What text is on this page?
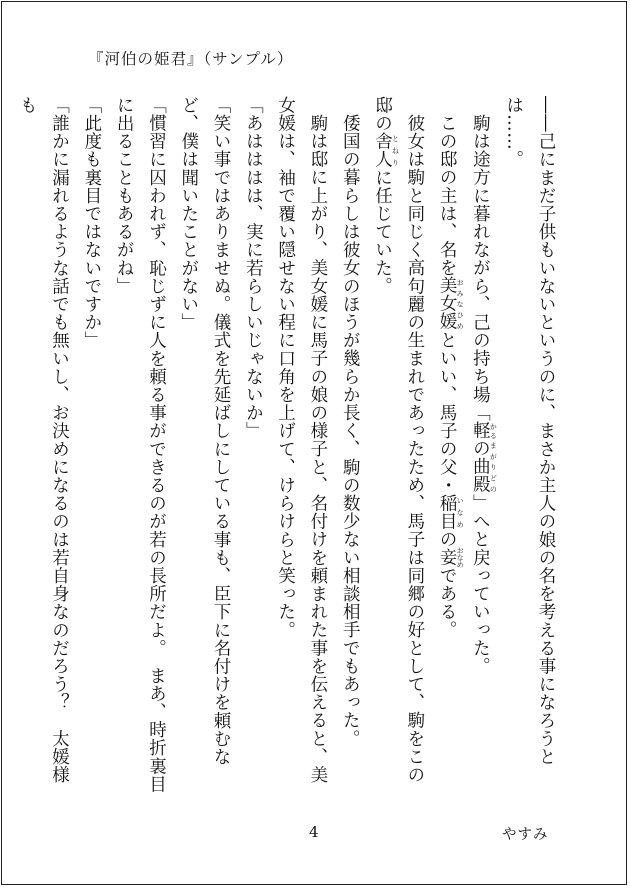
『河伯の姫君』（サンプル）

――己にまだ子供もいないというのに、まさか主人の娘の名を考える事になろうとは……。

駒は途方に暮れながら、己の持ち場「軽 かるの曲殿 まがりどの」へと戻っていった。

この邸の主は、名を美女媛 おみなひめといい、馬子の父・稲目 いなめの妾 おなめである。

彼女は駒と同じく高句麗の生まれであったため、馬子は同郷の好として、駒をこの邸の舎人 とねりに任じていた。

倭国の暮らしは彼女のほうが幾らか長く、駒の数少ない相談相手でもあった。

駒は邸に上がり、美女媛に馬子の娘の様子と、名付けを頼まれた事を伝えると、美女媛は、袖で覆い隠せない程に口角を上げて、けらけらと笑った。

「あはははは、実に若らしいじゃないか」

「笑い事ではありませぬ。儀式を先延ばしにしている事も、臣下に名付けを頼むなど、僕は聞いたことがない」

「慣習に囚われず、恥じずに人を頼る事ができるのが若の長所だよ。　まあ、時折裏目に出ることもあるがね」

「此度も裏目ではないですか」

「誰かに漏れるような話でも無いし、お決めになるのは若自身なのだろう？　太媛様も

4	やすみ
